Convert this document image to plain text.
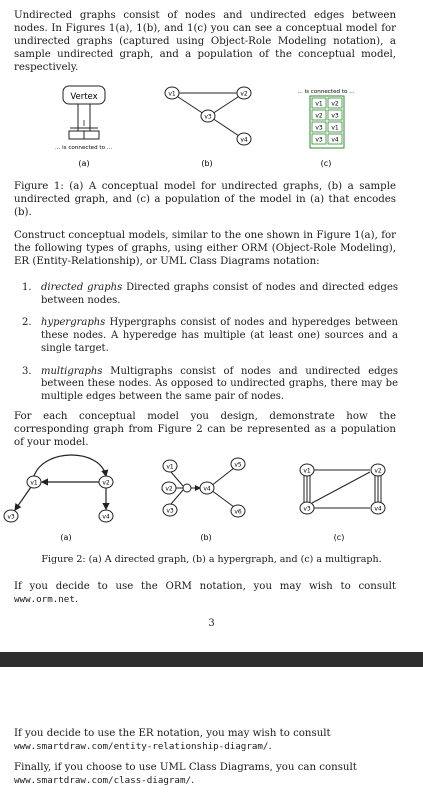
Undirected graphs consist of nodes and undirected edges between nodes. In Figures 1(a), 1(b), and 1(c) you can see a conceptual model for undirected graphs (captured using Object-Role Modeling notation), a sample undirected graph, and a population of the conceptual model, respectively.
Vertex
... is connected to ...
(a)
v1	v2
v3
v4
(b)
... is connected to ...
v1 v2
v2 v3
v3 v1
v3 v4
(c)
Figure 1: (a) A conceptual model for undirected graphs, (b) a sample undirected graph, and (c) a population of the model in (a) that encodes (b).
Construct conceptual models, similar to the one shown in Figure 1(a), for the following types of graphs, using either ORM (Object-Role Modeling), ER (Entity-Relationship), or UML Class Diagrams notation:
1. directed graphs Directed graphs consist of nodes and directed edges between nodes.
2. hypergraphs Hypergraphs consist of nodes and hyperedges between these nodes. A hyperedge has multiple (at least one) sources and a single target.
3. multigraphs Multigraphs consist of nodes and undirected edges between these nodes. As opposed to undirected graphs, there may be multiple edges between the same pair of nodes.
For each conceptual model you design, demonstrate how the corresponding graph from Figure 2 can be represented as a population of your model.
v1	v2
v3	v4
(a)
v1
v2
v3
v4
v5
v6
(b)
v1	v2
v3	v4
(c)
Figure 2: (a) A directed graph, (b) a hypergraph, and (c) a multigraph.
If you decide to use the ORM notation, you may wish to consult www.orm.net.
3
If you decide to use the ER notation, you may wish to consult
www.smartdraw.com/entity-relationship-diagram/.
Finally, if you choose to use UML Class Diagrams, you can consult
www.smartdraw.com/class-diagram/.
